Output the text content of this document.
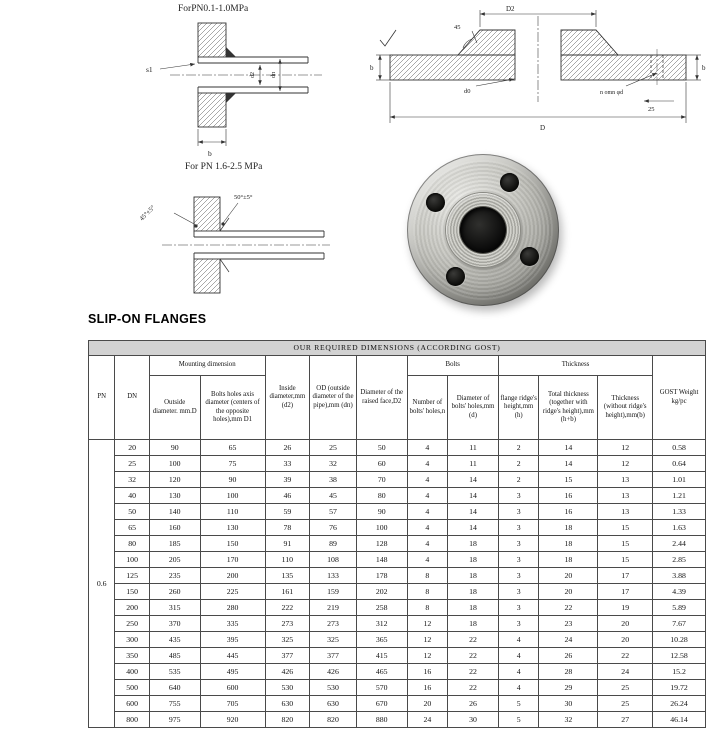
ForPN0.1-1.0MPa
For PN 1.6-2.5 MPa
s1
d2	dп
b
D2
45
b	b
d0	n omn φd
25
D
50°±5°
45°±5°
SLIP-ON FLANGES
OUR REQUIRED DIMENSIONS (ACCORDING GOST)												
PN	DN	Mounting dimension		Inside diameter,mm (d2)	OD (outside diameter of the pipe),mm (dп)	Diameter of the raised face,D2	Bolts		Thickness			GOST Weight kg/pc
		Outside diameter. mm.D	Bolts holes axis diameter (centers of the opposite holes),mm D1				Number of bolts' holes,n	Diameter of bolts' holes,mm (d)	flange ridge's height,mm (h)	Total thickness (together with ridge's height),mm (h+b)	Thickness (without ridge's height),mm(b)	
0.6	20	90	65	26	25	50	4	11	2	14	12	0.58
	25	100	75	33	32	60	4	11	2	14	12	0.64
	32	120	90	39	38	70	4	14	2	15	13	1.01
	40	130	100	46	45	80	4	14	3	16	13	1.21
	50	140	110	59	57	90	4	14	3	16	13	1.33
	65	160	130	78	76	100	4	14	3	18	15	1.63
	80	185	150	91	89	128	4	18	3	18	15	2.44
	100	205	170	110	108	148	4	18	3	18	15	2.85
	125	235	200	135	133	178	8	18	3	20	17	3.88
	150	260	225	161	159	202	8	18	3	20	17	4.39
	200	315	280	222	219	258	8	18	3	22	19	5.89
	250	370	335	273	273	312	12	18	3	23	20	7.67
	300	435	395	325	325	365	12	22	4	24	20	10.28
	350	485	445	377	377	415	12	22	4	26	22	12.58
	400	535	495	426	426	465	16	22	4	28	24	15.2
	500	640	600	530	530	570	16	22	4	29	25	19.72
	600	755	705	630	630	670	20	26	5	30	25	26.24
	800	975	920	820	820	880	24	30	5	32	27	46.14
